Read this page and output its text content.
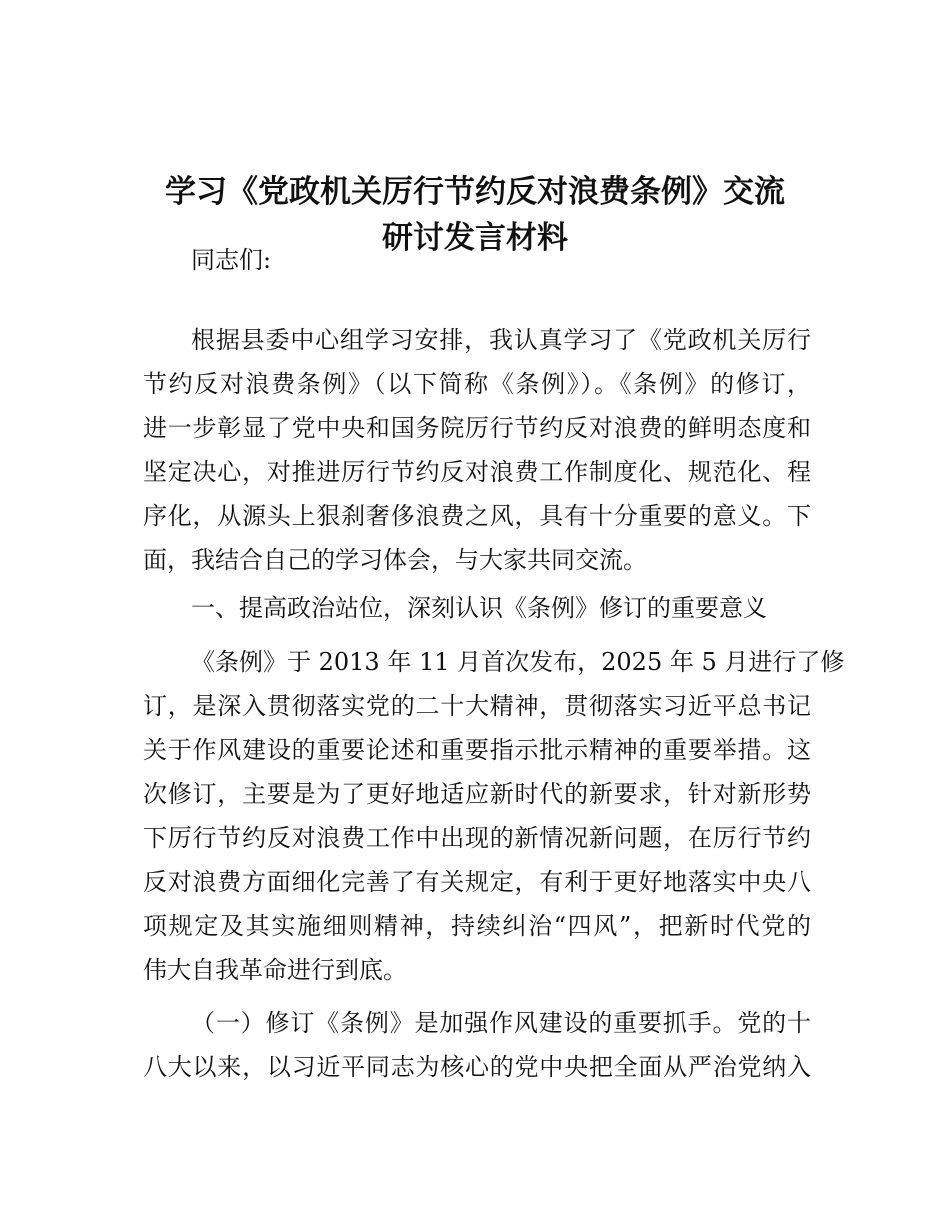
学习《党政机关厉行节约反对浪费条例》交流
研讨发言材料
同志们:
根据县委中心组学习安排，我认真学习了《党政机关厉行
节约反对浪费条例》（以下简称《条例》）。《条例》的修订，
进一步彰显了党中央和国务院厉行节约反对浪费的鲜明态度和
坚定决心，对推进厉行节约反对浪费工作制度化、规范化、程
序化，从源头上狠刹奢侈浪费之风，具有十分重要的意义。下
面，我结合自己的学习体会，与大家共同交流。
一、提高政治站位，深刻认识《条例》修订的重要意义
《条例》于 2013 年 11 月首次发布，2025 年 5 月进行了修
订，是深入贯彻落实党的二十大精神，贯彻落实习近平总书记
关于作风建设的重要论述和重要指示批示精神的重要举措。这
次修订，主要是为了更好地适应新时代的新要求，针对新形势
下厉行节约反对浪费工作中出现的新情况新问题，在厉行节约
反对浪费方面细化完善了有关规定，有利于更好地落实中央八
项规定及其实施细则精神，持续纠治“四风”，把新时代党的
伟大自我革命进行到底。
（一）修订《条例》是加强作风建设的重要抓手。党的十
八大以来，以习近平同志为核心的党中央把全面从严治党纳入
